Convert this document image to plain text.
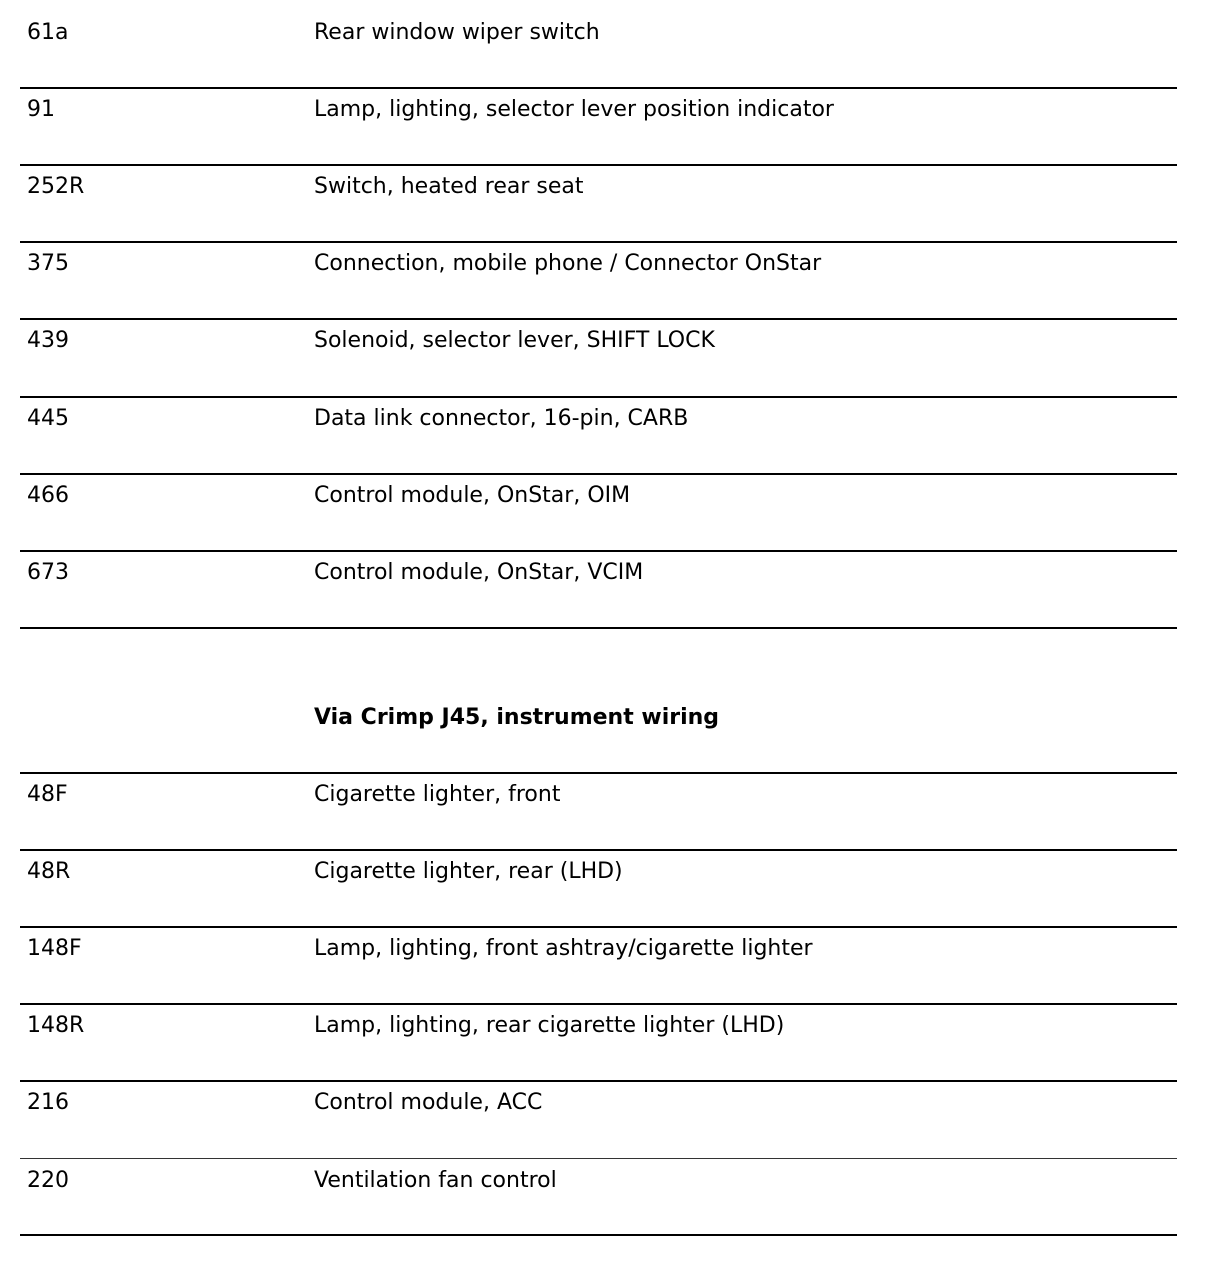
61a	Rear window wiper switch
91	Lamp, lighting, selector lever position indicator
252R	Switch, heated rear seat
375	Connection, mobile phone / Connector OnStar
439	Solenoid, selector lever, SHIFT LOCK
445	Data link connector, 16-pin, CARB
466	Control module, OnStar, OIM
673	Control module, OnStar, VCIM
Via Crimp J45, instrument wiring
48F	Cigarette lighter, front
48R	Cigarette lighter, rear (LHD)
148F	Lamp, lighting, front ashtray/cigarette lighter
148R	Lamp, lighting, rear cigarette lighter (LHD)
216	Control module, ACC
220	Ventilation fan control
